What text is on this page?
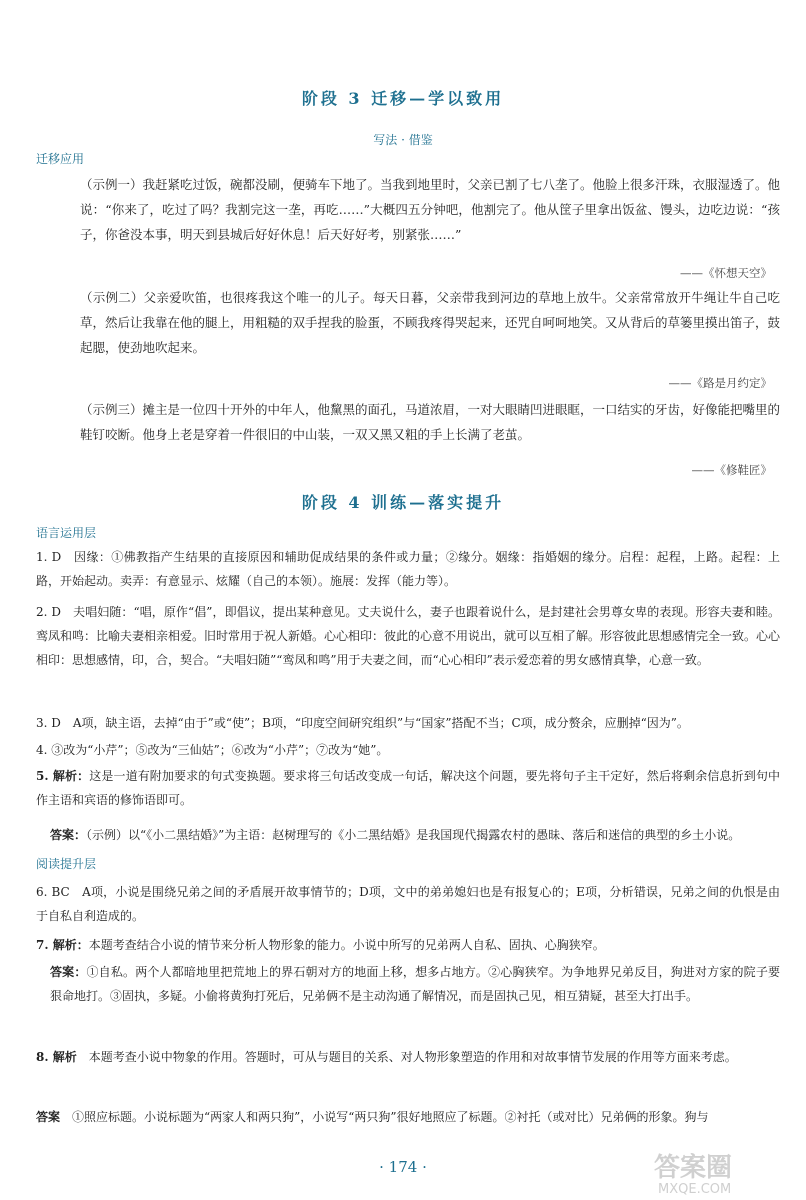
阶段 3 迁移—学以致用
写法 · 借鉴
迁移应用
（示例一）我赶紧吃过饭，碗都没刷，便骑车下地了。当我到地里时，父亲已割了七八垄了。他脸上很多汗珠，衣服湿透了。他说：“你来了，吃过了吗？我割完这一垄，再吃……”大概四五分钟吧，他割完了。他从筐子里拿出饭盆、馒头，边吃边说：“孩子，你爸没本事，明天到县城后好好休息！后天好好考，别紧张……”
——《怀想天空》
（示例二）父亲爱吹笛，也很疼我这个唯一的儿子。每天日暮，父亲带我到河边的草地上放牛。父亲常常放开牛绳让牛自己吃草，然后让我靠在他的腿上，用粗糙的双手捏我的脸蛋，不顾我疼得哭起来，还咒自呵呵地笑。又从背后的草篓里摸出笛子，鼓起腮，使劲地吹起来。
——《路是月约定》
（示例三）摊主是一位四十开外的中年人，他黧黑的面孔，马道浓眉，一对大眼睛凹进眼眶，一口结实的牙齿，好像能把嘴里的鞋钉咬断。他身上老是穿着一件很旧的中山装，一双又黑又粗的手上长满了老茧。
——《修鞋匠》
阶段 4 训练—落实提升
语言运用层
1. D　因缘：①佛教指产生结果的直接原因和辅助促成结果的条件或力量；②缘分。姻缘：指婚姻的缘分。启程：起程，上路。起程：上路，开始起动。卖弄：有意显示、炫耀（自己的本领）。施展：发挥（能力等）。
2. D　夫唱妇随：“唱，原作“倡”，即倡议，提出某种意见。丈夫说什么，妻子也跟着说什么，是封建社会男尊女卑的表现。形容夫妻和睦。鸾凤和鸣：比喻夫妻相亲相爱。旧时常用于祝人新婚。心心相印：彼此的心意不用说出，就可以互相了解。形容彼此思想感情完全一致。心心相印：思想感情，印，合，契合。“夫唱妇随”“鸾凤和鸣”用于夫妻之间，而“心心相印”表示爱恋着的男女感情真挚，心意一致。
3. D　A项，缺主语，去掉“由于”或“使”；B项，“印度空间研究组织”与“国家”搭配不当；C项，成分赘余，应删掉“因为”。
4. ③改为“小芹”；⑤改为“三仙姑”；⑥改为“小芹”；⑦改为“她”。
5. 解析：这是一道有附加要求的句式变换题。要求将三句话改变成一句话，解决这个问题，要先将句子主干定好，然后将剩余信息折到句中作主语和宾语的修饰语即可。
答案：（示例）以“《小二黑结婚》”为主语：赵树理写的《小二黑结婚》是我国现代揭露农村的愚昧、落后和迷信的典型的乡土小说。
阅读提升层
6. BC　A项，小说是围绕兄弟之间的矛盾展开故事情节的；D项，文中的弟弟媳妇也是有报复心的；E项，分析错误，兄弟之间的仇恨是由于自私自利造成的。
7. 解析：本题考查结合小说的情节来分析人物形象的能力。小说中所写的兄弟两人自私、固执、心胸狭窄。
答案：①自私。两个人都暗地里把荒地上的界石朝对方的地面上移，想多占地方。②心胸狭窄。为争地界兄弟反目，狗进对方家的院子要狠命地打。③固执，多疑。小偷将黄狗打死后，兄弟俩不是主动沟通了解情况，而是固执己见，相互猜疑，甚至大打出手。
8. 解析　本题考查小说中物象的作用。答题时，可从与题目的关系、对人物形象塑造的作用和对故事情节发展的作用等方面来考虑。
答案　①照应标题。小说标题为“两家人和两只狗”，小说写“两只狗”很好地照应了标题。②衬托（或对比）兄弟俩的形象。狗与
· 174 ·	答案圈
MXQE.COM
